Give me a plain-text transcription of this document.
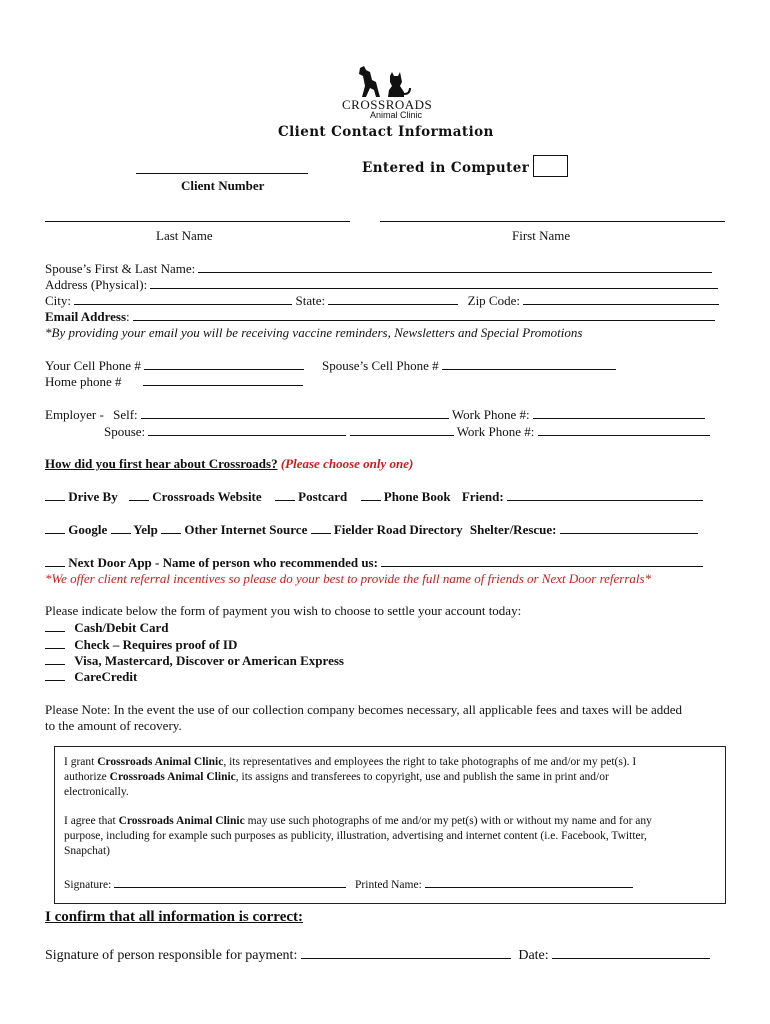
CROSSROADS
Animal Clinic
Client Contact Information
Entered in Computer
Client Number
Last Name	First Name
Spouse’s First & Last Name:
Address (Physical):
City:	State:	Zip Code:
Email Address:
*By providing your email you will be receiving vaccine reminders, Newsletters and Special Promotions
Your Cell Phone #	Spouse’s Cell Phone #
Home phone #
Employer - Self:	Work Phone #:
Spouse:	Work Phone #:
How did you first hear about Crossroads? (Please choose only one)
Drive By	Crossroads Website	Postcard	Phone Book Friend:
Google Yelp Other Internet Source Fielder Road Directory Shelter/Rescue:
Next Door App - Name of person who recommended us:
*We offer client referral incentives so please do your best to provide the full name of friends or Next Door referrals*
Please indicate below the form of payment you wish to choose to settle your account today:
Cash/Debit Card
Check – Requires proof of ID
Visa, Mastercard, Discover or American Express
CareCredit
Please Note: In the event the use of our collection company becomes necessary, all applicable fees and taxes will be added
to the amount of recovery.
I grant Crossroads Animal Clinic, its representatives and employees the right to take photographs of me and/or my pet(s). I
authorize Crossroads Animal Clinic, its assigns and transferees to copyright, use and publish the same in print and/or
electronically.
I agree that Crossroads Animal Clinic may use such photographs of me and/or my pet(s) with or without my name and for any
purpose, including for example such purposes as publicity, illustration, advertising and internet content (i.e. Facebook, Twitter,
Snapchat)
Signature:	Printed Name:
I confirm that all information is correct:
Signature of person responsible for payment:	Date:
